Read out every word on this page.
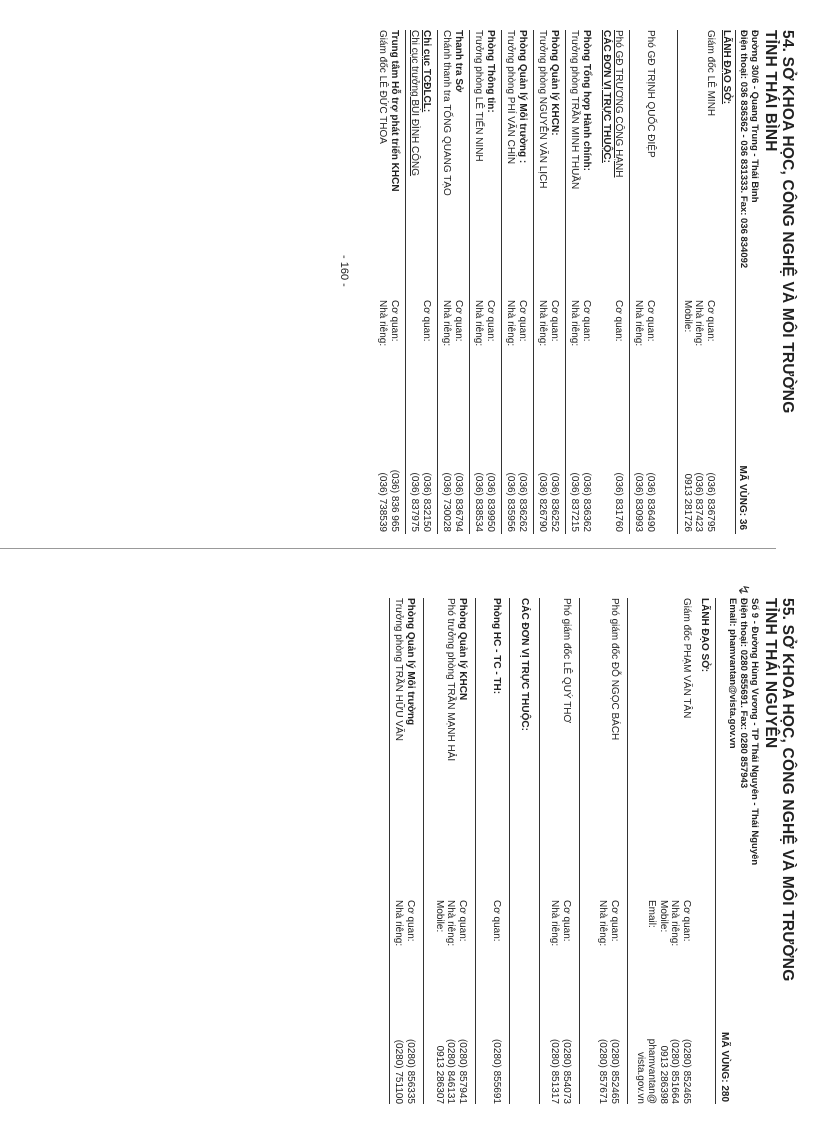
54. SỞ KHOA HỌC, CÔNG NGHỆ VÀ MÔI TRƯỜNG
TỈNH THÁI BÌNH
Đường 30/6 - Quang Trung - Thái Bình
Điện thoại: 036 836362 - 036 831333. Fax: 036 834092
MÃ VÙNG: 36
LÃNH ĐẠO SỞ:
Giám đốc LÊ MINH
Cơ quan:
Nhà riêng:
Mobile:
(036) 836795
(036) 837423
0913 281726
Phó GĐ TRỊNH QUỐC ĐIỆP
Cơ quan:
Nhà riêng:
(036) 836490
(036) 830993
Phó GĐ TRƯƠNG CÔNG HẠNH
Cơ quan:
(036) 831760
CÁC ĐƠN VỊ TRỰC THUỘC:
Phòng Tổng hợp Hành chính:
Trưởng phòng TRẦN MINH THUẦN
Cơ quan:
Nhà riêng:
(036) 836362
(036) 837215
Phòng Quản lý KHCN:
Trưởng phòng NGUYỄN VĂN LỊCH
Cơ quan:
Nhà riêng:
(036) 836252
(036) 826790
Phòng Quản lý Môi trường :
Trưởng phòng PHÍ VĂN CHÍN
Cơ quan:
Nhà riêng:
(036) 836262
(036) 835956
Phòng Thông tin:
Trưởng phòng LÊ TIẾN NINH
Cơ quan:
Nhà riêng:
(036) 839950
(036) 838534
Thanh tra Sở
Chánh thanh tra TỐNG QUANG TẠO
Cơ quan:
Nhà riêng:
(036) 836794
(036) 730028
Chi cục TCĐLCL:
Chi cục trưởng BÙI ĐÌNH CÔNG
Cơ quan:
(036) 832150
(036) 837975
Trung tâm Hỗ trợ phát triển KHCN
Giám đốc LÊ ĐỨC THOA
Cơ quan:
Nhà riêng:
(036) 836 965
(036) 738539
- 160 -
55. SỞ KHOA HỌC, CÔNG NGHỆ VÀ MÔI TRƯỜNG
TỈNH THÁI NGUYÊN
Số 9 - Đường Hùng Vương - TP Thái Nguyên - Thái Nguyên
Điện thoại: 0280 855691. Fax: 0280 857943
Email: phamvantan@vista.gov.vn
↯
MÃ VÙNG: 280
LÃNH ĐẠO SỞ:
Giám đốc PHẠM VĂN TÂN
Cơ quan:
Nhà riêng:
Mobile:
Email:
(0280) 852465
(0280) 851664
0913 286398
phamvantan@
vista.gov.vn
Phó giám đốc ĐỖ NGỌC BÁCH
Cơ quan:
Nhà riêng:
(0280) 852465
(0280) 857671
Phó giám đốc LÊ QUÝ THƠ
Cơ quan:
Nhà riêng:
(0280) 854073
(0280) 851317
CÁC ĐƠN VỊ TRỰC THUỘC:
Phòng HC - TC - TH:
Cơ quan:
(0280) 855691
Phòng Quản lý KHCN
Phó trưởng phòng TRẦN MẠNH HẢI
Cơ quan:
Nhà riêng:
Mobile:
(0280) 857941
(0280) 846131
0913 286307
Phòng Quản lý Môi trường
Trưởng phòng TRẦN HỮU VĂN
Cơ quan:
Nhà riêng:
(0280) 856335
(0280) 751100
